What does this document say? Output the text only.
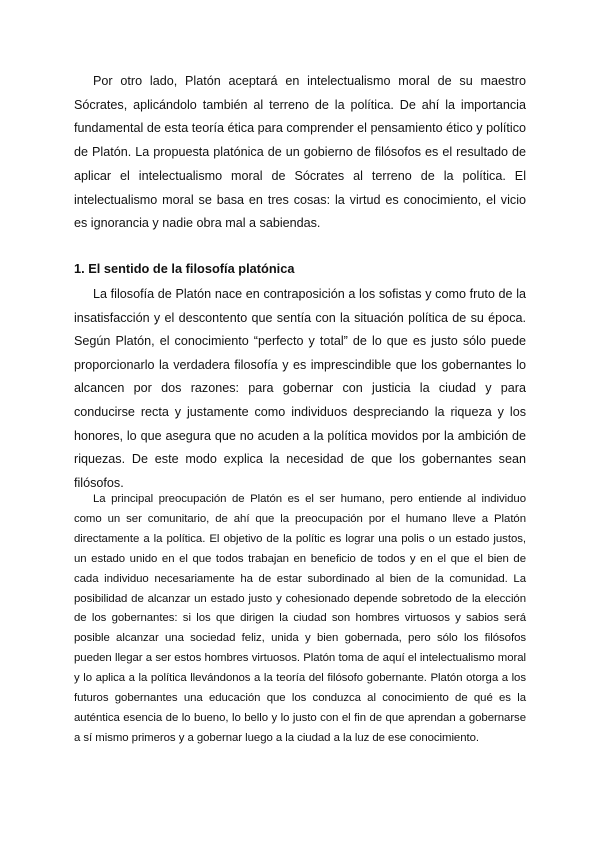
Por otro lado, Platón aceptará en intelectualismo moral de su maestro Sócrates, aplicándolo también al terreno de la política. De ahí la importancia fundamental de esta teoría ética para comprender el pensamiento ético y político de Platón. La propuesta platónica de un gobierno de filósofos es el resultado de aplicar el intelectualismo moral de Sócrates al terreno de la política. El intelectualismo moral se basa en tres cosas: la virtud es conocimiento, el vicio es ignorancia y nadie obra mal a sabiendas.

1. El sentido de la filosofía platónica

La filosofía de Platón nace en contraposición a los sofistas y como fruto de la insatisfacción y el descontento que sentía con la situación política de su época. Según Platón, el conocimiento “perfecto y total” de lo que es justo sólo puede proporcionarlo la verdadera filosofía y es imprescindible que los gobernantes lo alcancen por dos razones: para gobernar con justicia la ciudad y para conducirse recta y justamente como individuos despreciando la riqueza y los honores, lo que asegura que no acuden a la política movidos por la ambición de riquezas. De este modo explica la necesidad de que los gobernantes sean filósofos.

La principal preocupación de Platón es el ser humano, pero entiende al individuo como un ser comunitario, de ahí que la preocupación por el humano lleve a Platón directamente a la política. El objetivo de la polític es lograr una polis o un estado justos, un estado unido en el que todos trabajan en beneficio de todos y en el que el bien de cada individuo necesariamente ha de estar subordinado al bien de la comunidad. La posibilidad de alcanzar un estado justo y cohesionado depende sobretodo de la elección de los gobernantes: si los que dirigen la ciudad son hombres virtuosos y sabios será posible alcanzar una sociedad feliz, unida y bien gobernada, pero sólo los filósofos pueden llegar a ser estos hombres virtuosos. Platón toma de aquí el intelectualismo moral y lo aplica a la política llevándonos a la teoría del filósofo gobernante. Platón otorga a los futuros gobernantes una educación que los conduzca al conocimiento de qué es la auténtica esencia de lo bueno, lo bello y lo justo con el fin de que aprendan a gobernarse a sí mismo primeros y a gobernar luego a la ciudad a la luz de ese conocimiento.
